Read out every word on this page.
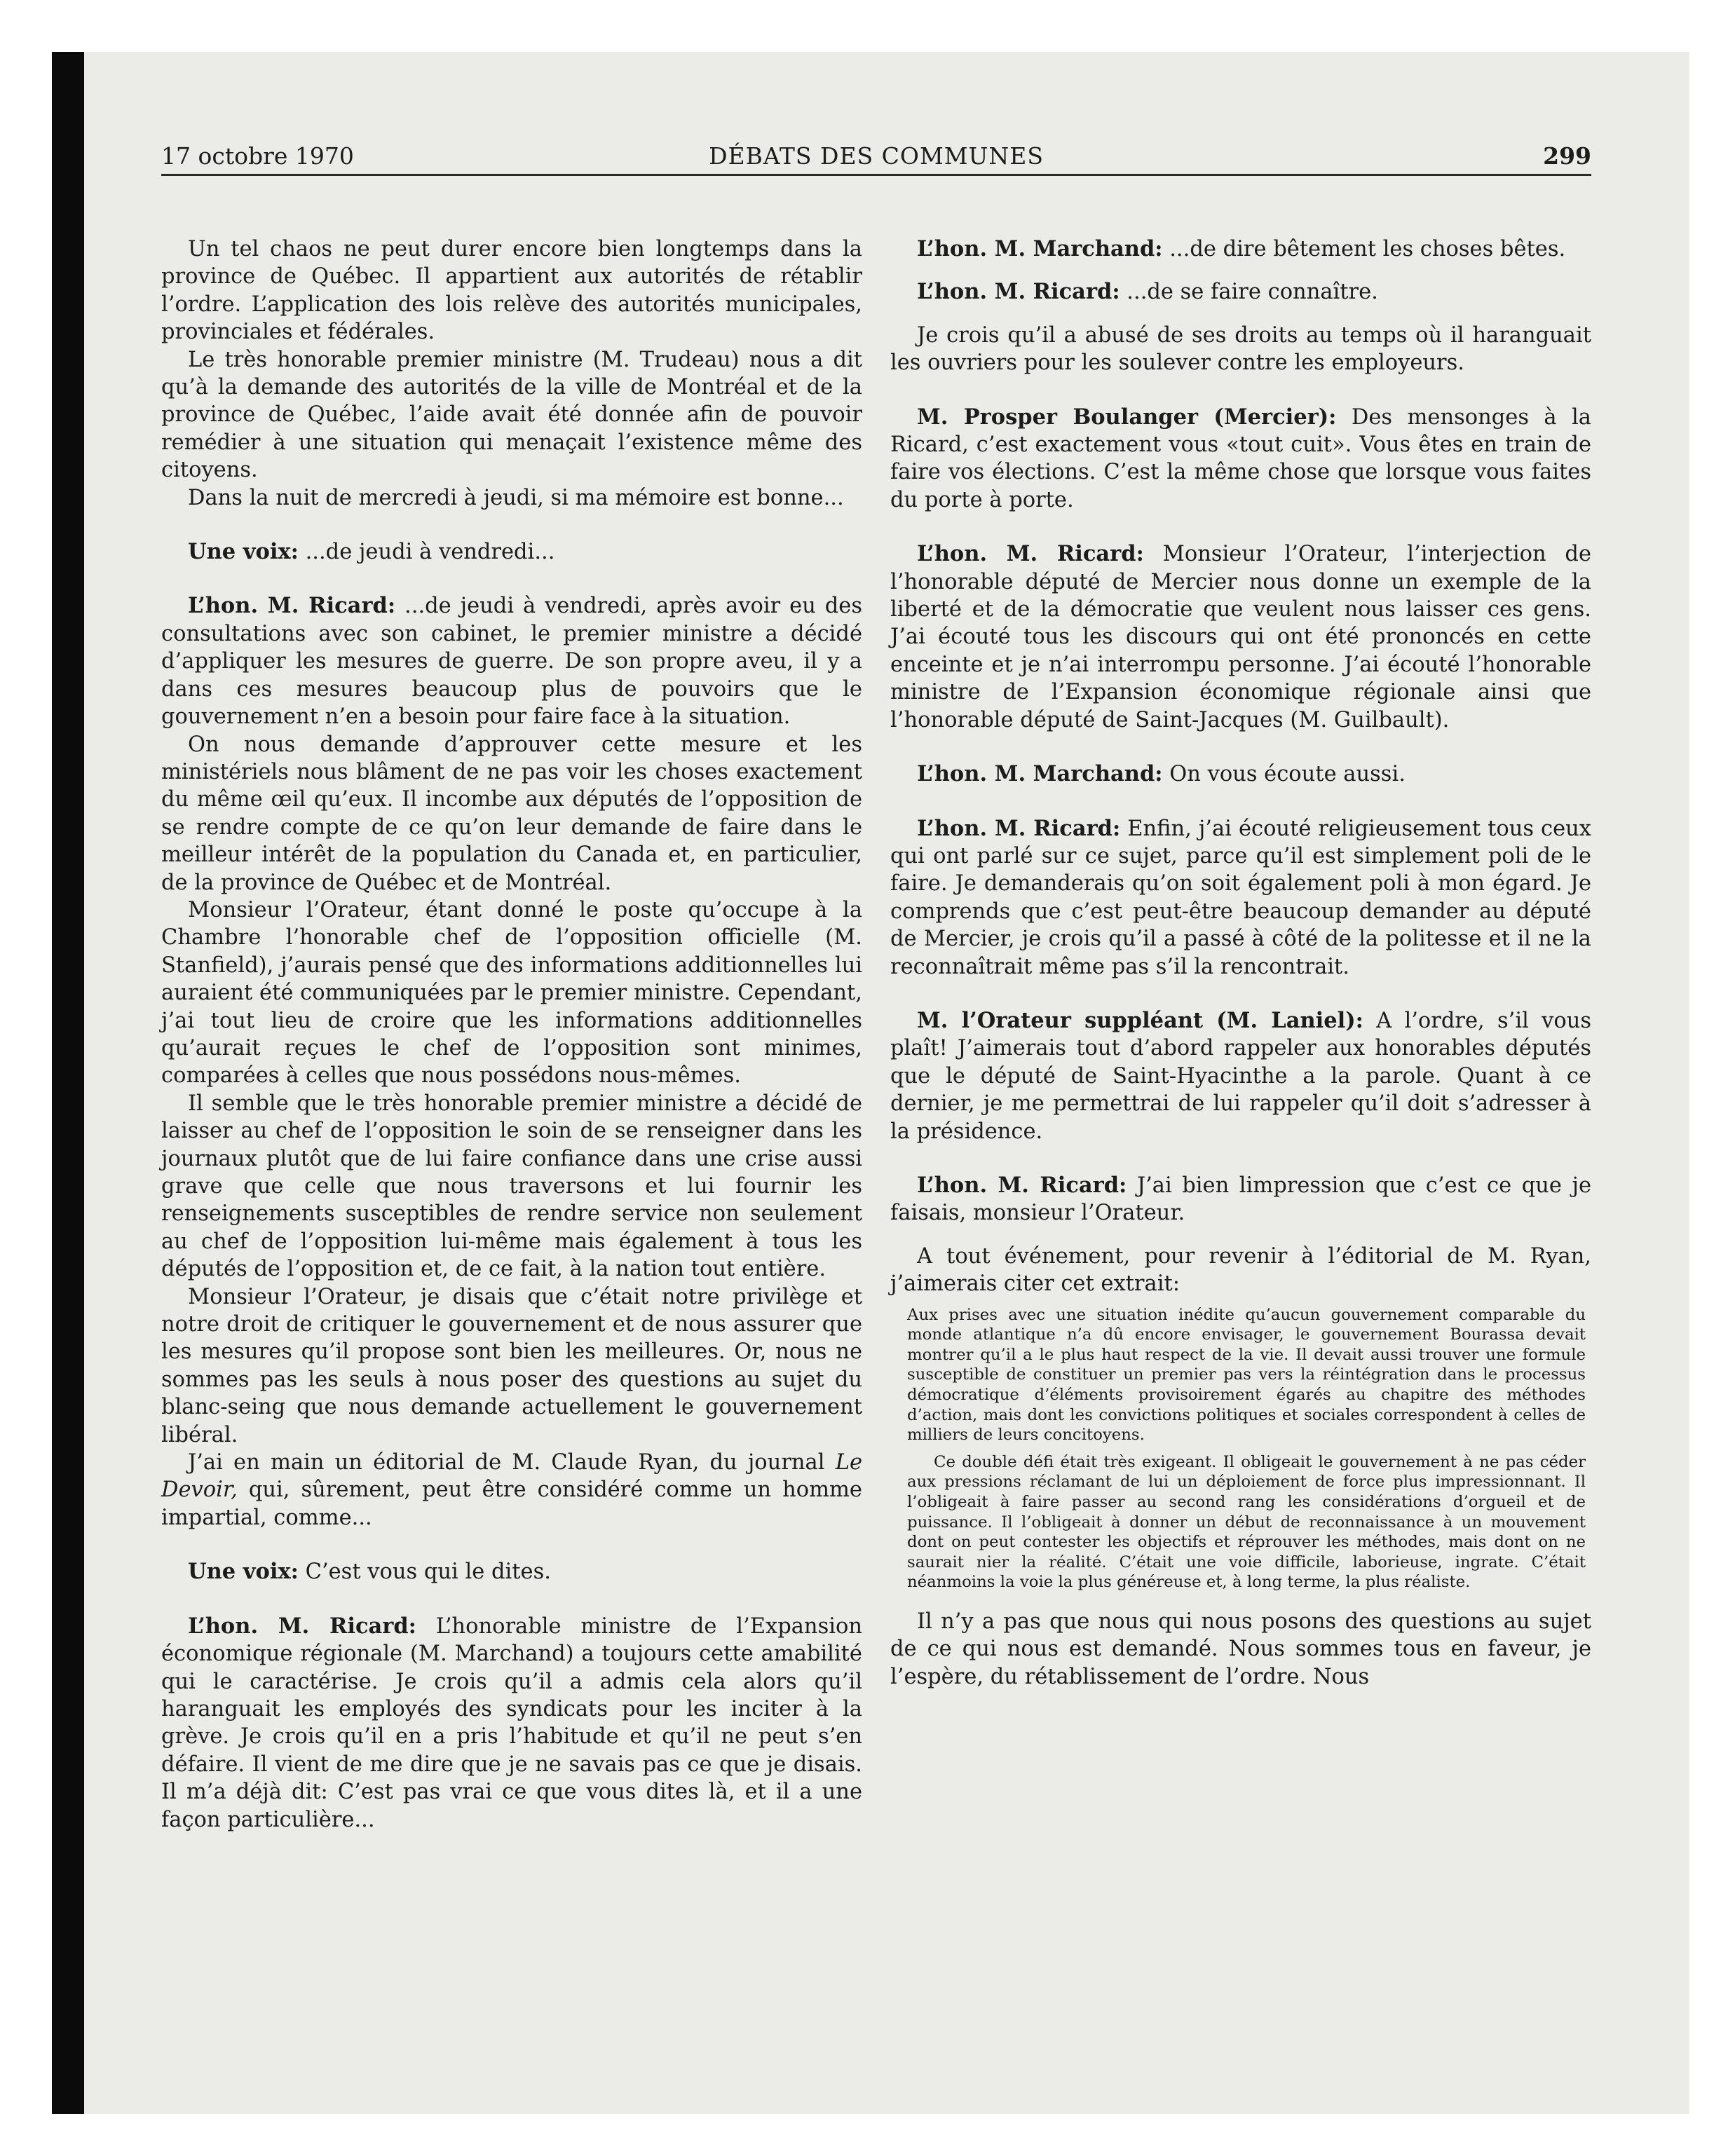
17 octobre 1970	DÉBATS DES COMMUNES	299

Un tel chaos ne peut durer encore bien longtemps dans la province de Québec. Il appartient aux autorités de rétablir l’ordre. L’application des lois relève des autorités municipales, provinciales et fédérales.

Le très honorable premier ministre (M. Trudeau) nous a dit qu’à la demande des autorités de la ville de Montréal et de la province de Québec, l’aide avait été donnée afin de pouvoir remédier à une situation qui menaçait l’existence même des citoyens.

Dans la nuit de mercredi à jeudi, si ma mémoire est bonne...

Une voix: ...de jeudi à vendredi...

L’hon. M. Ricard: ...de jeudi à vendredi, après avoir eu des consultations avec son cabinet, le premier ministre a décidé d’appliquer les mesures de guerre. De son propre aveu, il y a dans ces mesures beaucoup plus de pouvoirs que le gouvernement n’en a besoin pour faire face à la situation.

On nous demande d’approuver cette mesure et les ministériels nous blâment de ne pas voir les choses exactement du même œil qu’eux. Il incombe aux députés de l’opposition de se rendre compte de ce qu’on leur demande de faire dans le meilleur intérêt de la population du Canada et, en particulier, de la province de Québec et de Montréal.

Monsieur l’Orateur, étant donné le poste qu’occupe à la Chambre l’honorable chef de l’opposition officielle (M. Stanfield), j’aurais pensé que des informations additionnelles lui auraient été communiquées par le premier ministre. Cependant, j’ai tout lieu de croire que les informations additionnelles qu’aurait reçues le chef de l’opposition sont minimes, comparées à celles que nous possédons nous-mêmes.

Il semble que le très honorable premier ministre a décidé de laisser au chef de l’opposition le soin de se renseigner dans les journaux plutôt que de lui faire confiance dans une crise aussi grave que celle que nous traversons et lui fournir les renseignements susceptibles de rendre service non seulement au chef de l’opposition lui-même mais également à tous les députés de l’opposition et, de ce fait, à la nation tout entière.

Monsieur l’Orateur, je disais que c’était notre privilège et notre droit de critiquer le gouvernement et de nous assurer que les mesures qu’il propose sont bien les meilleures. Or, nous ne sommes pas les seuls à nous poser des questions au sujet du blanc-seing que nous demande actuellement le gouvernement libéral.

J’ai en main un éditorial de M. Claude Ryan, du journal Le Devoir, qui, sûrement, peut être considéré comme un homme impartial, comme...

Une voix: C’est vous qui le dites.

L’hon. M. Ricard: L’honorable ministre de l’Expansion économique régionale (M. Marchand) a toujours cette amabilité qui le caractérise. Je crois qu’il a admis cela alors qu’il haranguait les employés des syndicats pour les inciter à la grève. Je crois qu’il en a pris l’habitude et qu’il ne peut s’en défaire. Il vient de me dire que je ne savais pas ce que je disais. Il m’a déjà dit: C’est pas vrai ce que vous dites là, et il a une façon particulière...

L’hon. M. Marchand: ...de dire bêtement les choses bêtes.

L’hon. M. Ricard: ...de se faire connaître.

Je crois qu’il a abusé de ses droits au temps où il haranguait les ouvriers pour les soulever contre les employeurs.

M. Prosper Boulanger (Mercier): Des mensonges à la Ricard, c’est exactement vous «tout cuit». Vous êtes en train de faire vos élections. C’est la même chose que lorsque vous faites du porte à porte.

L’hon. M. Ricard: Monsieur l’Orateur, l’interjection de l’honorable député de Mercier nous donne un exemple de la liberté et de la démocratie que veulent nous laisser ces gens. J’ai écouté tous les discours qui ont été prononcés en cette enceinte et je n’ai interrompu personne. J’ai écouté l’honorable ministre de l’Expansion économique régionale ainsi que l’honorable député de Saint-Jacques (M. Guilbault).

L’hon. M. Marchand: On vous écoute aussi.

L’hon. M. Ricard: Enfin, j’ai écouté religieusement tous ceux qui ont parlé sur ce sujet, parce qu’il est simplement poli de le faire. Je demanderais qu’on soit également poli à mon égard. Je comprends que c’est peut-être beaucoup demander au député de Mercier, je crois qu’il a passé à côté de la politesse et il ne la reconnaîtrait même pas s’il la rencontrait.

M. l’Orateur suppléant (M. Laniel): A l’ordre, s’il vous plaît! J’aimerais tout d’abord rappeler aux honorables députés que le député de Saint-Hyacinthe a la parole. Quant à ce dernier, je me permettrai de lui rappeler qu’il doit s’adresser à la présidence.

L’hon. M. Ricard: J’ai bien limpression que c’est ce que je faisais, monsieur l’Orateur.

A tout événement, pour revenir à l’éditorial de M. Ryan, j’aimerais citer cet extrait:

Aux prises avec une situation inédite qu’aucun gouvernement comparable du monde atlantique n’a dû encore envisager, le gouvernement Bourassa devait montrer qu’il a le plus haut respect de la vie. Il devait aussi trouver une formule susceptible de constituer un premier pas vers la réintégration dans le processus démocratique d’éléments provisoirement égarés au chapitre des méthodes d’action, mais dont les convictions politiques et sociales correspondent à celles de milliers de leurs concitoyens.

Ce double défi était très exigeant. Il obligeait le gouvernement à ne pas céder aux pressions réclamant de lui un déploiement de force plus impressionnant. Il l’obligeait à faire passer au second rang les considérations d’orgueil et de puissance. Il l’obligeait à donner un début de reconnaissance à un mouvement dont on peut contester les objectifs et réprouver les méthodes, mais dont on ne saurait nier la réalité. C’était une voie difficile, laborieuse, ingrate. C’était néanmoins la voie la plus généreuse et, à long terme, la plus réaliste.

Il n’y a pas que nous qui nous posons des questions au sujet de ce qui nous est demandé. Nous sommes tous en faveur, je l’espère, du rétablissement de l’ordre. Nous
